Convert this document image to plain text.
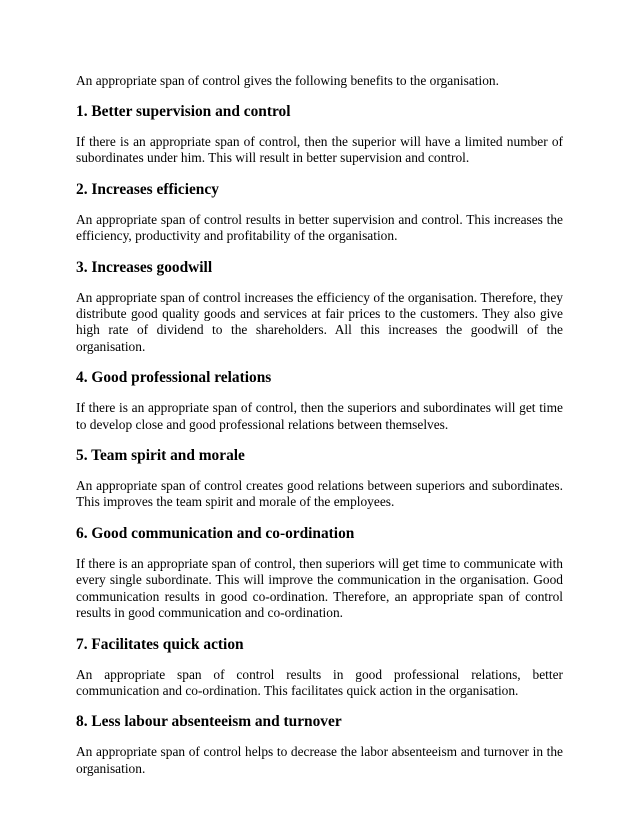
An appropriate span of control gives the following benefits to the organisation.

1. Better supervision and control

If there is an appropriate span of control, then the superior will have a limited number of subordinates under him. This will result in better supervision and control.

2. Increases efficiency

An appropriate span of control results in better supervision and control. This increases the efficiency, productivity and profitability of the organisation.

3. Increases goodwill

An appropriate span of control increases the efficiency of the organisation. Therefore, they distribute good quality goods and services at fair prices to the customers. They also give high rate of dividend to the shareholders. All this increases the goodwill of the organisation.

4. Good professional relations

If there is an appropriate span of control, then the superiors and subordinates will get time to develop close and good professional relations between themselves.

5. Team spirit and morale

An appropriate span of control creates good relations between superiors and subordinates. This improves the team spirit and morale of the employees.

6. Good communication and co-ordination

If there is an appropriate span of control, then superiors will get time to communicate with every single subordinate. This will improve the communication in the organisation. Good communication results in good co-ordination. Therefore, an appropriate span of control results in good communication and co-ordination.

7. Facilitates quick action

An appropriate span of control results in good professional relations, better communication and co-ordination. This facilitates quick action in the organisation.

8. Less labour absenteeism and turnover

An appropriate span of control helps to decrease the labor absenteeism and turnover in the organisation.
